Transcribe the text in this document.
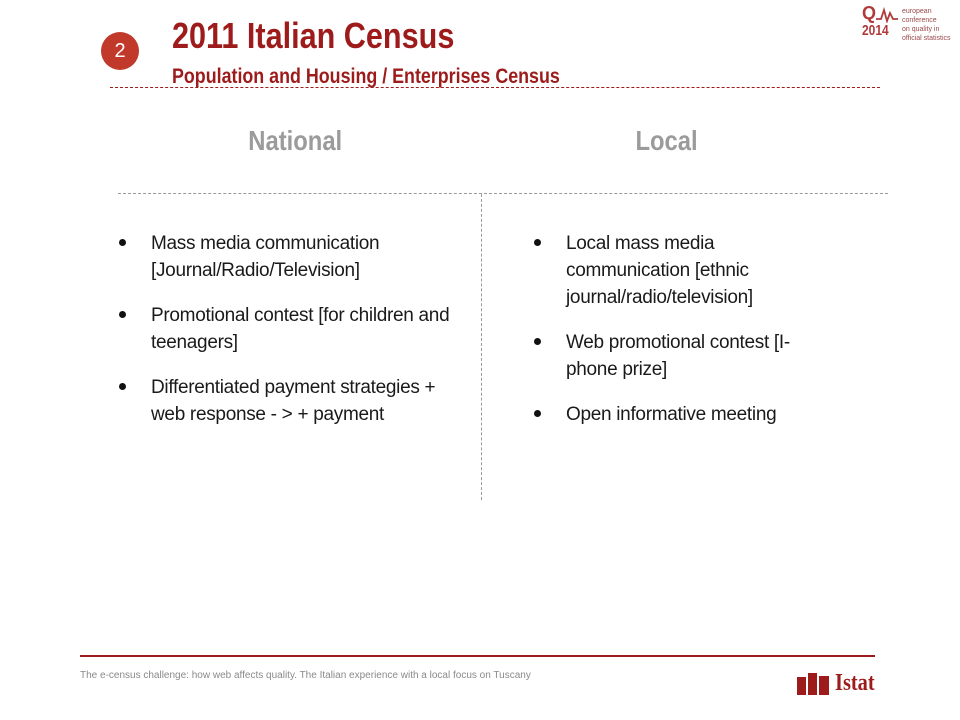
2	2011 Italian Census
Population and Housing / Enterprises Census
Q
2014
european conference
on quality in
official statistics
National	Local
Mass media communication [Journal/Radio/Television]
Promotional contest [for children and teenagers]
Differentiated payment strategies + web response - > + payment
Local mass media communication [ethnic journal/radio/television]
Web promotional contest [I-phone prize]
Open informative meeting
The e-census challenge: how web affects quality. The Italian experience with a local focus on Tuscany	Istat
